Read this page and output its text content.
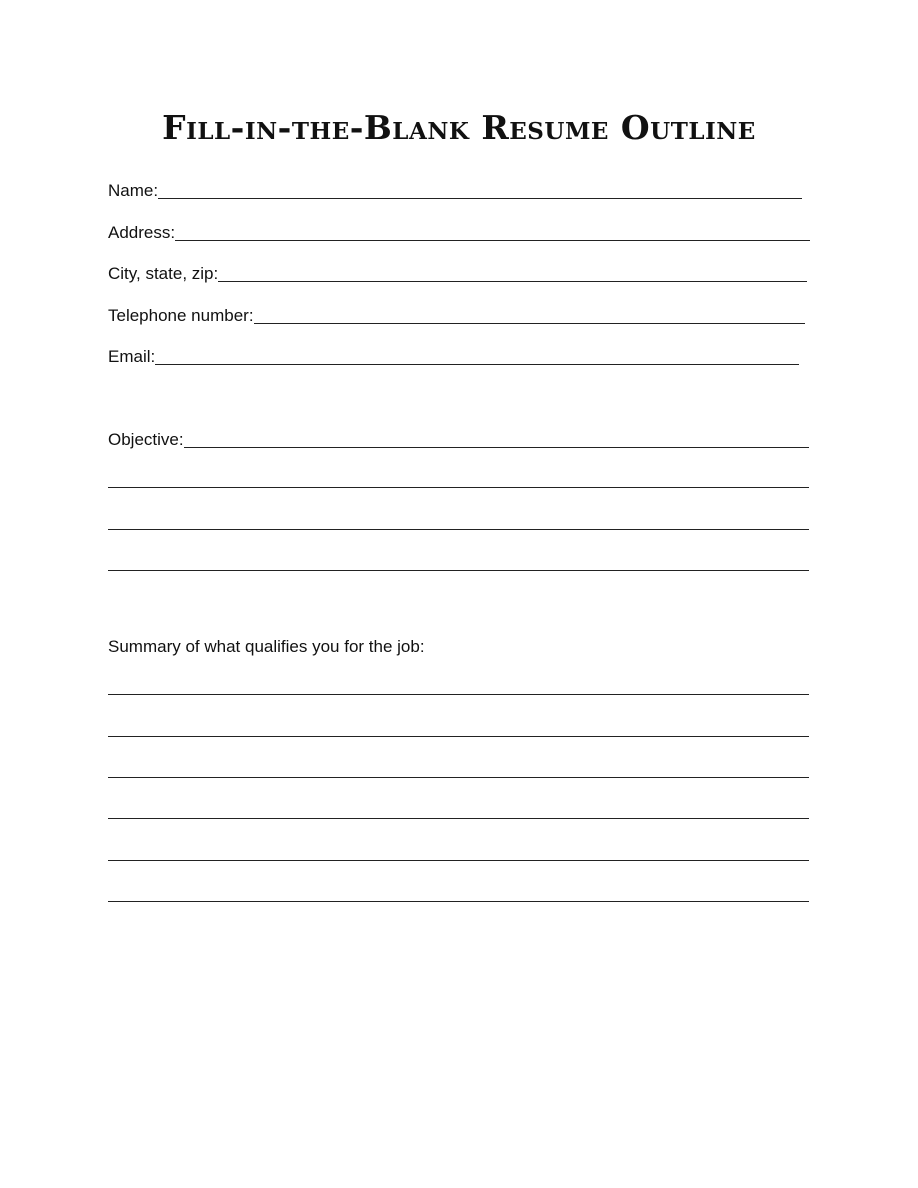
Fill-in-the-Blank Resume Outline
Name:
Address:
City, state, zip:
Telephone number:
Email:
Objective:
Summary of what qualifies you for the job:
